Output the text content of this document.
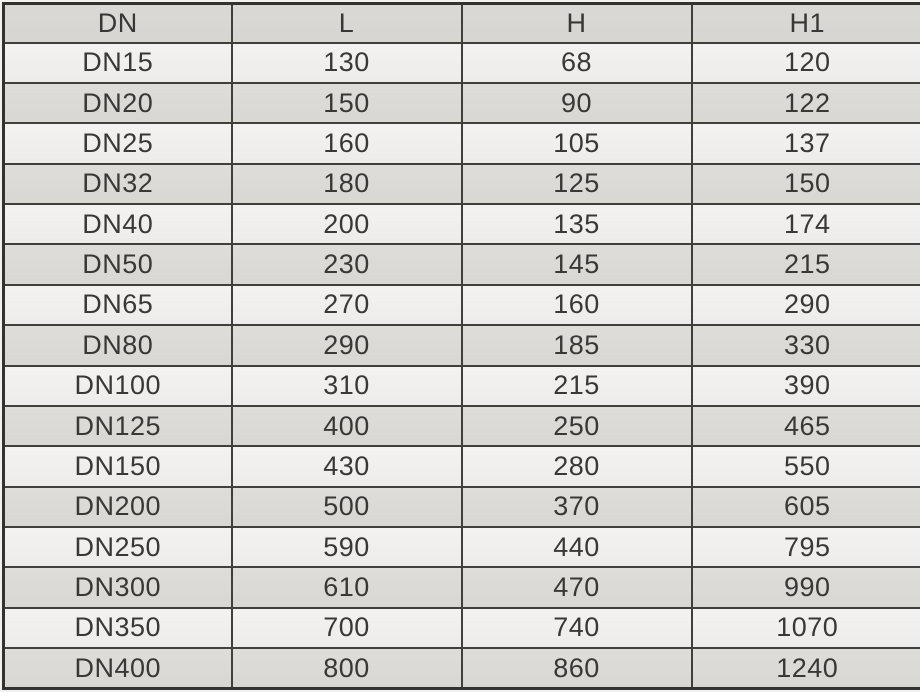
DN	L	H	H1
DN15	130	68	120
DN20	150	90	122
DN25	160	105	137
DN32	180	125	150
DN40	200	135	174
DN50	230	145	215
DN65	270	160	290
DN80	290	185	330
DN100	310	215	390
DN125	400	250	465
DN150	430	280	550
DN200	500	370	605
DN250	590	440	795
DN300	610	470	990
DN350	700	740	1070
DN400	800	860	1240
